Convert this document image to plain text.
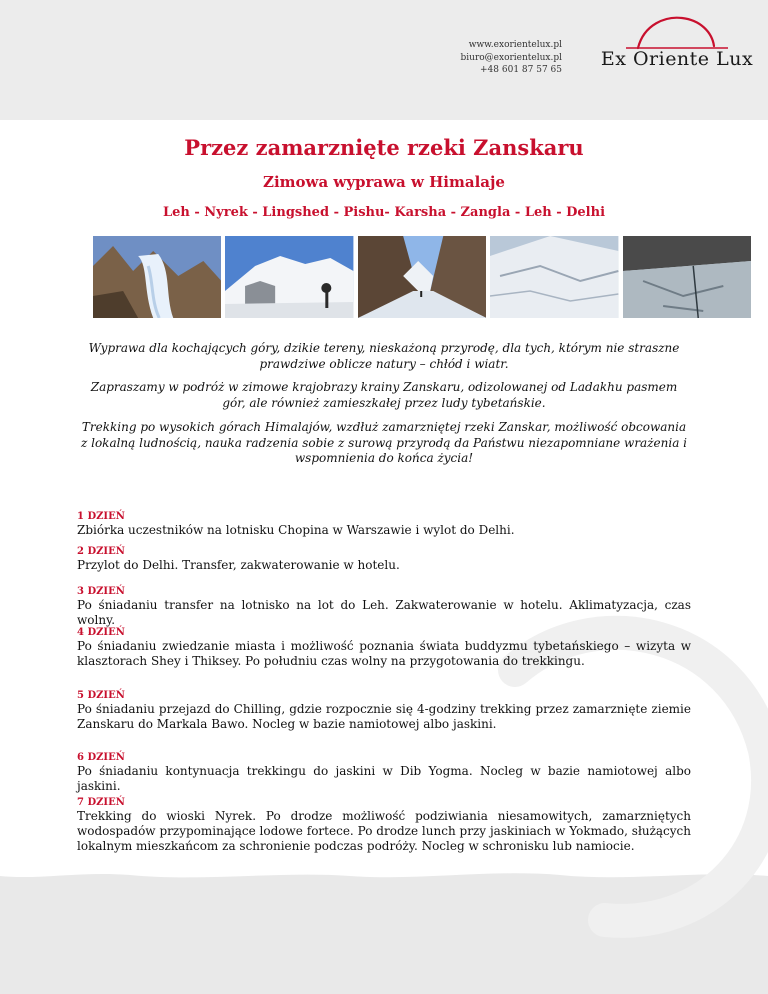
www.exorientelux.pl
biuro@exorientelux.pl
+48 601 87 57 65 Ex Oriente Lux
Przez zamarznięte rzeki Zanskaru
Zimowa wyprawa w Himalaje
Leh - Nyrek - Lingshed - Pishu- Karsha - Zangla - Leh - Delhi
Wyprawa dla kochających góry, dzikie tereny, nieskażoną przyrodę, dla tych, którym nie straszne prawdziwe oblicze natury – chłód i wiatr.
Zapraszamy w podróż w zimowe krajobrazy krainy Zanskaru, odizolowanej od Ladakhu pasmem gór, ale również zamieszkałej przez ludy tybetańskie.
Trekking po wysokich górach Himalajów, wzdłuż zamarzniętej rzeki Zanskar, możliwość obcowania z lokalną ludnością, nauka radzenia sobie z surową przyrodą da Państwu niezapomniane wrażenia i wspomnienia do końca życia!
1 DZIEŃ
Zbiórka uczestników na lotnisku Chopina w Warszawie i wylot do Delhi.
2 DZIEŃ
Przylot do Delhi. Transfer, zakwaterowanie w hotelu.
3 DZIEŃ
Po śniadaniu transfer na lotnisko na lot do Leh. Zakwaterowanie w hotelu. Aklimatyzacja, czas wolny.
4 DZIEŃ
Po śniadaniu zwiedzanie miasta i możliwość poznania świata buddyzmu tybetańskiego – wizyta w klasztorach Shey i Thiksey. Po południu czas wolny na przygotowania do trekkingu.
5 DZIEŃ
Po śniadaniu przejazd do Chilling, gdzie rozpocznie się 4-godziny trekking przez zamarznięte ziemie Zanskaru do Markala Bawo. Nocleg w bazie namiotowej albo jaskini.
6 DZIEŃ
Po śniadaniu kontynuacja trekkingu do jaskini w Dib Yogma. Nocleg w bazie namiotowej albo jaskini.
7 DZIEŃ
Trekking do wioski Nyrek. Po drodze możliwość podziwiania niesamowitych, zamarzniętych wodospadów przypominające lodowe fortece. Po drodze lunch przy jaskiniach w Yokmado, służących lokalnym mieszkańcom za schronienie podczas podróży. Nocleg w schronisku lub namiocie.
